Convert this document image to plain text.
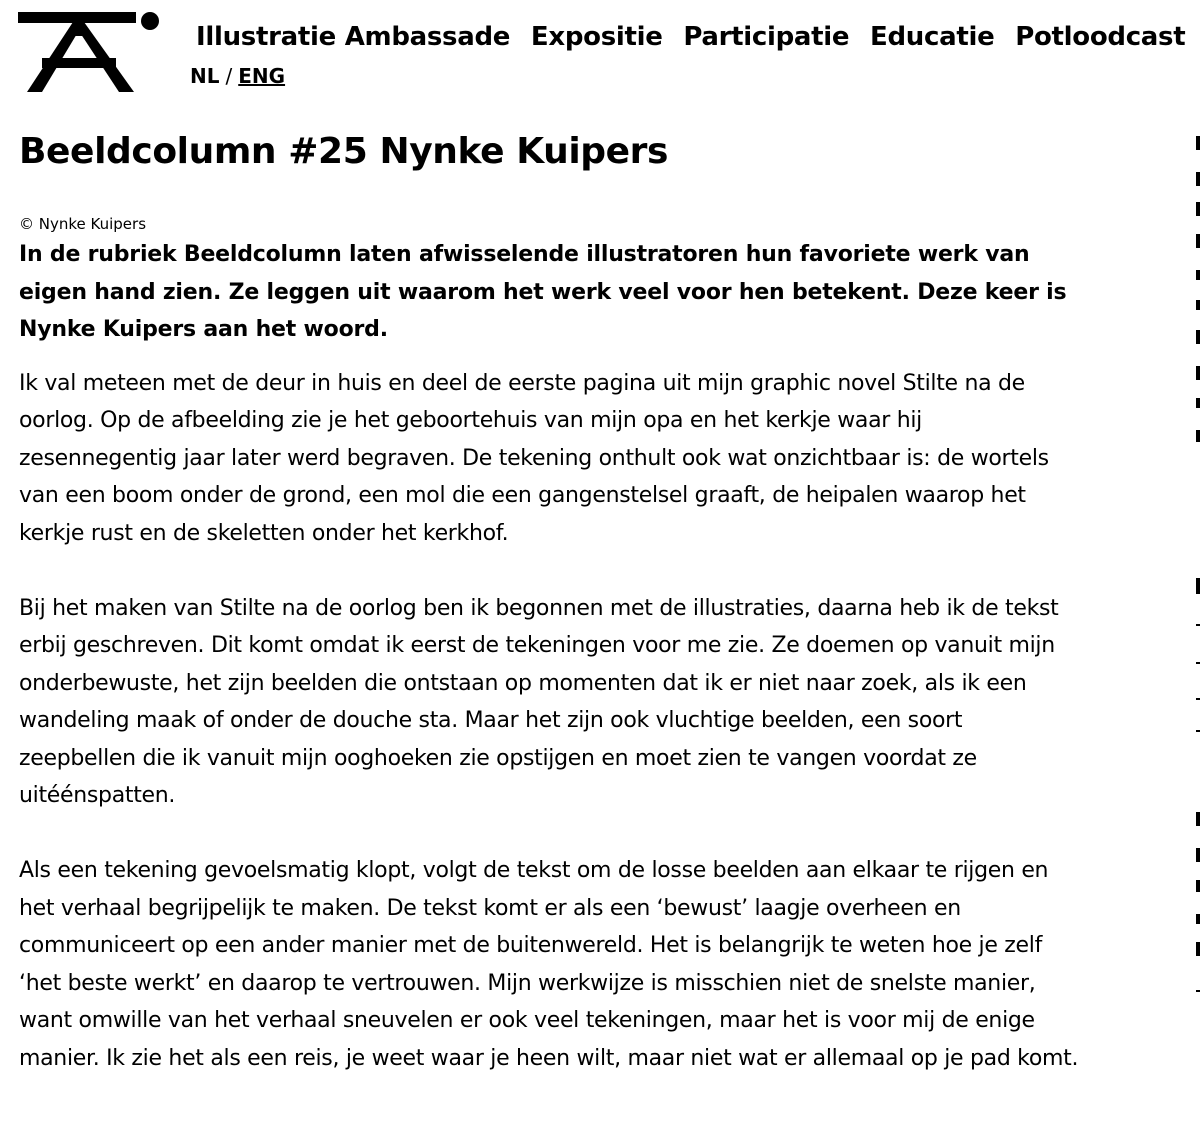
Illustratie Ambassade Expositie Participatie Educatie Potloodcast
NL / ENG
Beeldcolumn #25 Nynke Kuipers
© Nynke Kuipers

In de rubriek Beeldcolumn laten afwisselende illustratoren hun favoriete werk van eigen hand zien. Ze leggen uit waarom het werk veel voor hen betekent. Deze keer is Nynke Kuipers aan het woord.

Ik val meteen met de deur in huis en deel de eerste pagina uit mijn graphic novel Stilte na de oorlog. Op de afbeelding zie je het geboortehuis van mijn opa en het kerkje waar hij zesennegentig jaar later werd begraven. De tekening onthult ook wat onzichtbaar is: de wortels van een boom onder de grond, een mol die een gangenstelsel graaft, de heipalen waarop het kerkje rust en de skeletten onder het kerkhof.

Bij het maken van Stilte na de oorlog ben ik begonnen met de illustraties, daarna heb ik de tekst erbij geschreven. Dit komt omdat ik eerst de tekeningen voor me zie. Ze doemen op vanuit mijn onderbewuste, het zijn beelden die ontstaan op momenten dat ik er niet naar zoek, als ik een wandeling maak of onder de douche sta. Maar het zijn ook vluchtige beelden, een soort zeepbellen die ik vanuit mijn ooghoeken zie opstijgen en moet zien te vangen voordat ze uitéénspatten.

Als een tekening gevoelsmatig klopt, volgt de tekst om de losse beelden aan elkaar te rijgen en het verhaal begrijpelijk te maken. De tekst komt er als een ‘bewust’ laagje overheen en communiceert op een ander manier met de buitenwereld. Het is belangrijk te weten hoe je zelf ‘het beste werkt’ en daarop te vertrouwen. Mijn werkwijze is misschien niet de snelste manier, want omwille van het verhaal sneuvelen er ook veel tekeningen, maar het is voor mij de enige manier. Ik zie het als een reis, je weet waar je heen wilt, maar niet wat er allemaal op je pad komt.
